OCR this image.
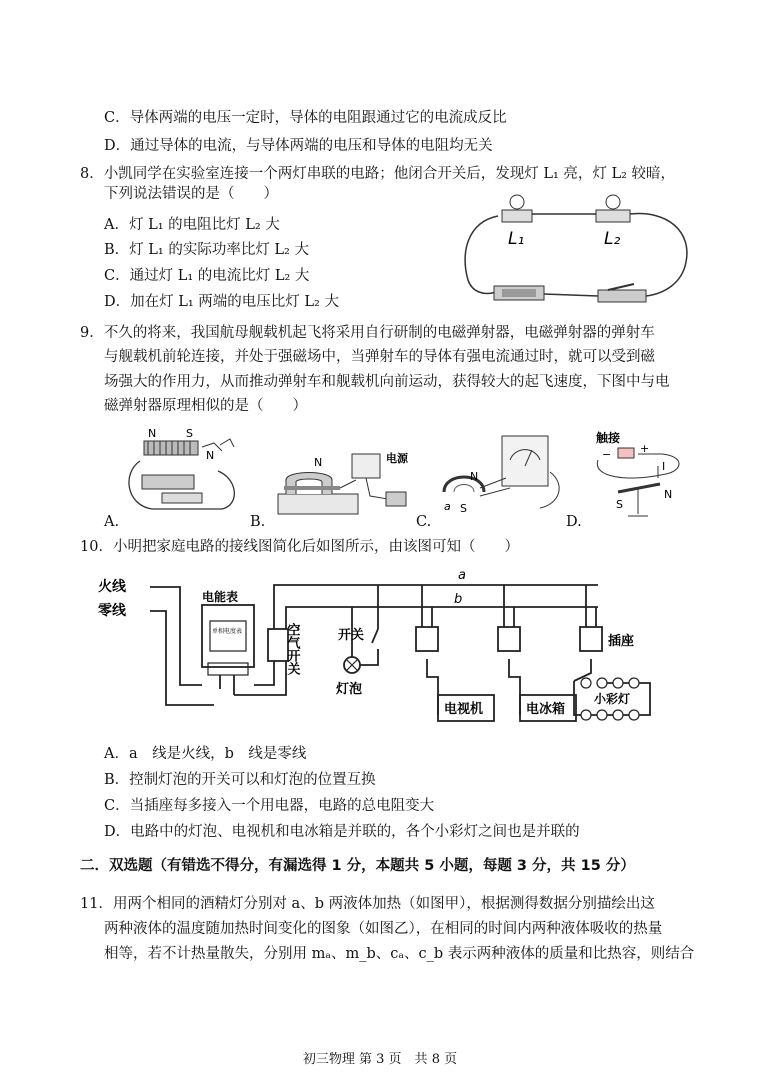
C．导体两端的电压一定时，导体的电阻跟通过它的电流成反比
D．通过导体的电流，与导体两端的电压和导体的电阻均无关
8．小凯同学在实验室连接一个两灯串联的电路；他闭合开关后，发现灯 L₁ 亮，灯 L₂ 较暗，
下列说法错误的是（　　）
A．灯 L₁ 的电阻比灯 L₂ 大
B．灯 L₁ 的实际功率比灯 L₂ 大
C．通过灯 L₁ 的电流比灯 L₂ 大
D．加在灯 L₁ 两端的电压比灯 L₂ 大
L₁	L₂
9．不久的将来，我国航母舰载机起飞将采用自行研制的电磁弹射器，电磁弹射器的弹射车
与舰载机前轮连接，并处于强磁场中，当弹射车的导体有强电流通过时，就可以受到磁
场强大的作用力，从而推动弹射车和舰载机向前运动，获得较大的起飞速度，下图中与电
磁弹射器原理相似的是（　　）
N	S
N
A.
N	电源
B.
N
S
a
C.
触接
−	+
I
S
N
D.
10．小明把家庭电路的接线图简化后如图所示，由该图可知（　　）
火线
零线
a
b
电能表
单相电度表	空气开关	开关
灯泡
插座
电视机	电冰箱
小彩灯
A．a　线是火线，b　线是零线
B．控制灯泡的开关可以和灯泡的位置互换
C．当插座每多接入一个用电器，电路的总电阻变大
D．电路中的灯泡、电视机和电冰箱是并联的，各个小彩灯之间也是并联的
二．双选题（有错选不得分，有漏选得 1 分，本题共 5 小题，每题 3 分，共 15 分）
11．用两个相同的酒精灯分别对 a、b 两液体加热（如图甲），根据测得数据分别描绘出这
两种液体的温度随加热时间变化的图象（如图乙），在相同的时间内两种液体吸收的热量
相等，若不计热量散失，分别用 mₐ、m_b、cₐ、c_b 表示两种液体的质量和比热容，则结合
初三物理 第 3 页　共 8 页
